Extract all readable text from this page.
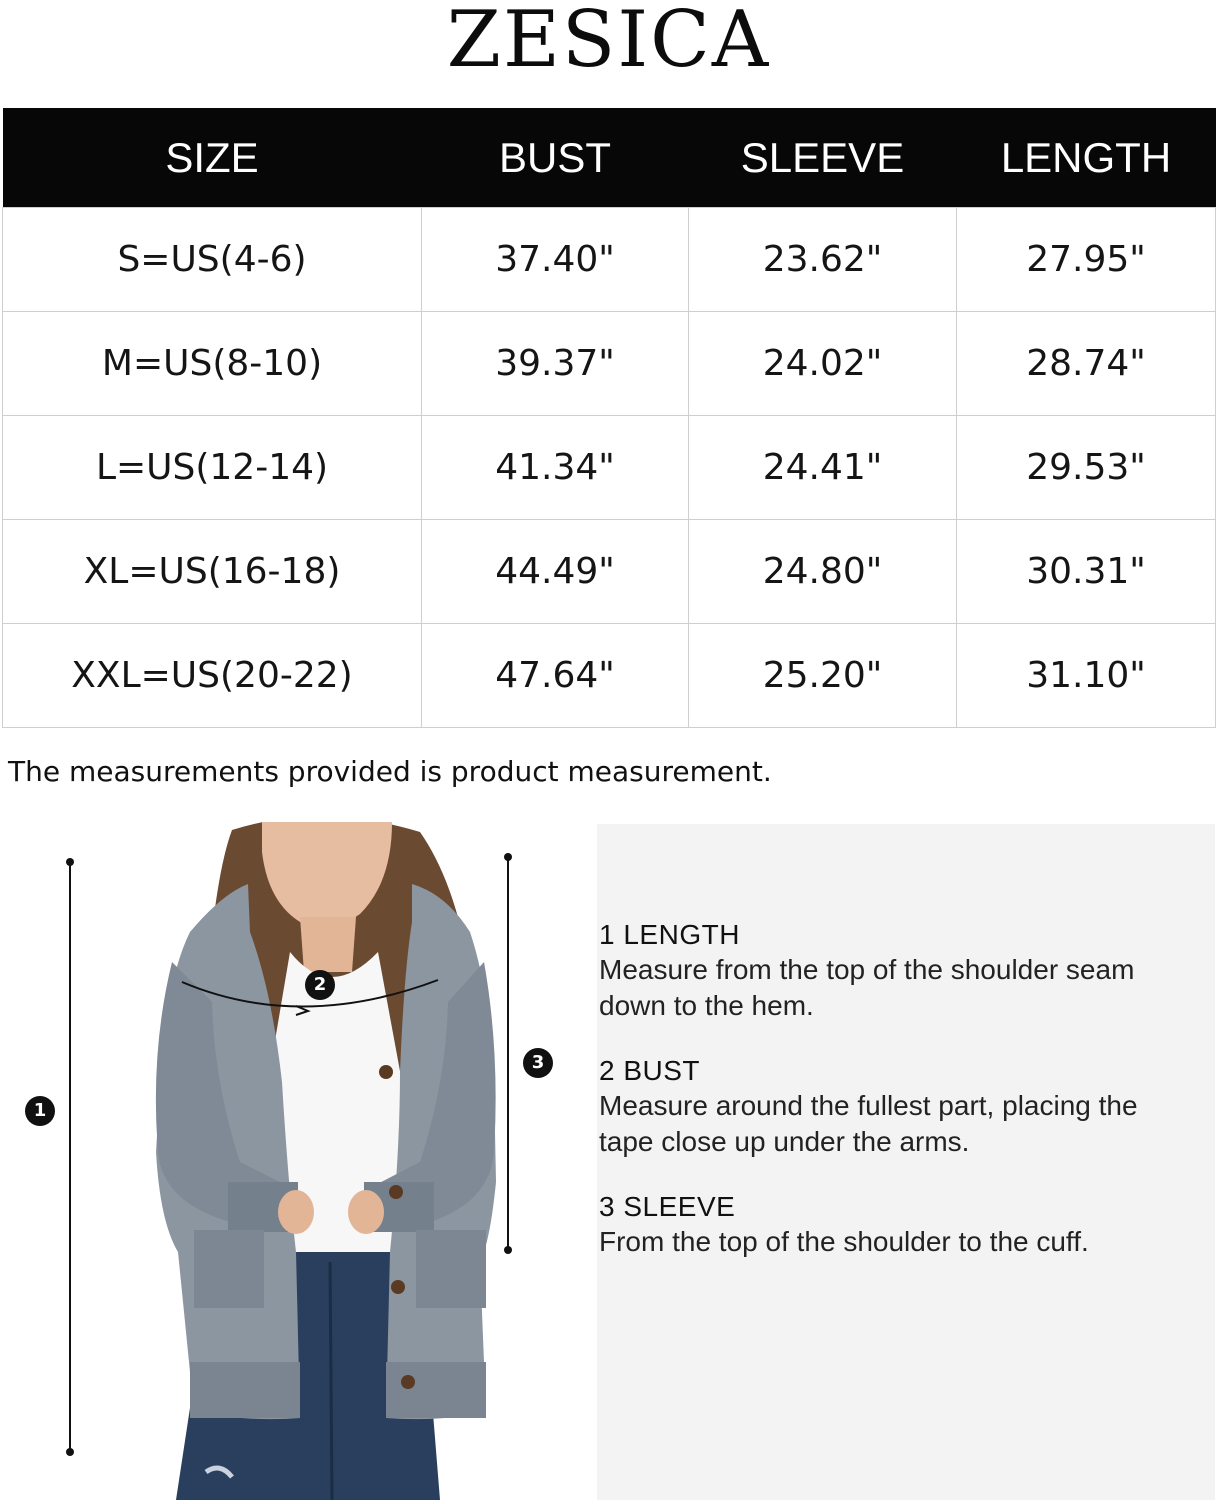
ZESICA
SIZE	BUST	SLEEVE	LENGTH
S=US(4-6)	37.40"	23.62"	27.95"
M=US(8-10)	39.37"	24.02"	28.74"
L=US(12-14)	41.34"	24.41"	29.53"
XL=US(16-18)	44.49"	24.80"	30.31"
XXL=US(20-22)	47.64"	25.20"	31.10"
The measurements provided is product measurement.
1
2
3
1 LENGTH
Measure from the top of the shoulder seam down to the hem.
2 BUST
Measure around the fullest part, placing the tape close up under the arms.
3 SLEEVE
From the top of the shoulder to the cuff.
